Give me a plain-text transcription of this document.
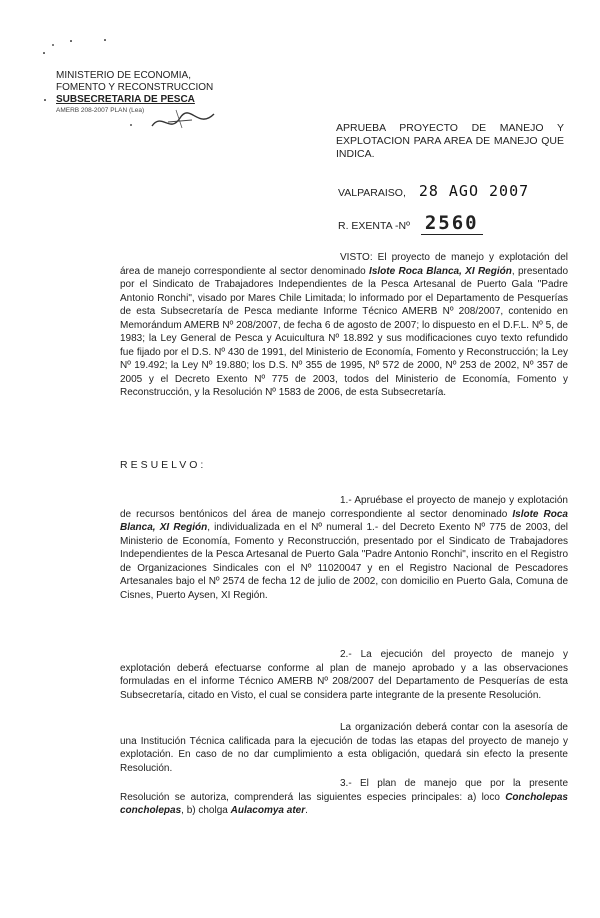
MINISTERIO DE ECONOMIA,
FOMENTO Y RECONSTRUCCION
SUBSECRETARIA DE PESCA
AMERB 208-2007 PLAN (Lea)
APRUEBA PROYECTO DE MANEJO Y EXPLOTACION PARA AREA DE MANEJO QUE INDICA.
VALPARAISO, 28 AGO 2007
R. EXENTA -Nº 2560
VISTO: El proyecto de manejo y explotación del área de manejo correspondiente al sector denominado Islote Roca Blanca, XI Región, presentado por el Sindicato de Trabajadores Independientes de la Pesca Artesanal de Puerto Gala "Padre Antonio Ronchi", visado por Mares Chile Limitada; lo informado por el Departamento de Pesquerías de esta Subsecretaría de Pesca mediante Informe Técnico AMERB Nº 208/2007, contenido en Memorándum AMERB Nº 208/2007, de fecha 6 de agosto de 2007; lo dispuesto en el D.F.L. Nº 5, de 1983; la Ley General de Pesca y Acuicultura Nº 18.892 y sus modificaciones cuyo texto refundido fue fijado por el D.S. Nº 430 de 1991, del Ministerio de Economía, Fomento y Reconstrucción; la Ley Nº 19.492; la Ley Nº 19.880; los D.S. Nº 355 de 1995, Nº 572 de 2000, Nº 253 de 2002, Nº 357 de 2005 y el Decreto Exento Nº 775 de 2003, todos del Ministerio de Economía, Fomento y Reconstrucción, y la Resolución Nº 1583 de 2006, de esta Subsecretaría.
RESUELVO:
1.- Apruébase el proyecto de manejo y explotación de recursos bentónicos del área de manejo correspondiente al sector denominado Islote Roca Blanca, XI Región, individualizada en el Nº numeral 1.- del Decreto Exento Nº 775 de 2003, del Ministerio de Economía, Fomento y Reconstrucción, presentado por el Sindicato de Trabajadores Independientes de la Pesca Artesanal de Puerto Gala "Padre Antonio Ronchi", inscrito en el Registro de Organizaciones Sindicales con el Nº 11020047 y en el Registro Nacional de Pescadores Artesanales bajo el Nº 2574 de fecha 12 de julio de 2002, con domicilio en Puerto Gala, Comuna de Cisnes, Puerto Aysen, XI Región.
2.- La ejecución del proyecto de manejo y explotación deberá efectuarse conforme al plan de manejo aprobado y a las observaciones formuladas en el informe Técnico AMERB Nº 208/2007 del Departamento de Pesquerías de esta Subsecretaría, citado en Visto, el cual se considera parte integrante de la presente Resolución.
La organización deberá contar con la asesoría de una Institución Técnica calificada para la ejecución de todas las etapas del proyecto de manejo y explotación. En caso de no dar cumplimiento a esta obligación, quedará sin efecto la presente Resolución.
3.- El plan de manejo que por la presente Resolución se autoriza, comprenderá las siguientes especies principales: a) loco Concholepas concholepas, b) cholga Aulacomya ater.
